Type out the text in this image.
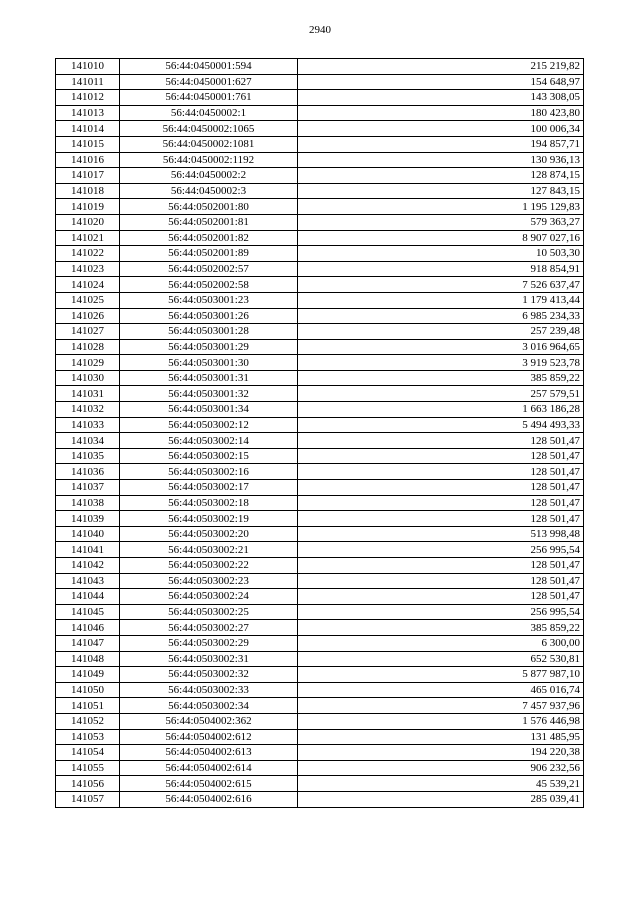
2940
141010	56:44:0450001:594	215 219,82
141011	56:44:0450001:627	154 648,97
141012	56:44:0450001:761	143 308,05
141013	56:44:0450002:1	180 423,80
141014	56:44:0450002:1065	100 006,34
141015	56:44:0450002:1081	194 857,71
141016	56:44:0450002:1192	130 936,13
141017	56:44:0450002:2	128 874,15
141018	56:44:0450002:3	127 843,15
141019	56:44:0502001:80	1 195 129,83
141020	56:44:0502001:81	579 363,27
141021	56:44:0502001:82	8 907 027,16
141022	56:44:0502001:89	10 503,30
141023	56:44:0502002:57	918 854,91
141024	56:44:0502002:58	7 526 637,47
141025	56:44:0503001:23	1 179 413,44
141026	56:44:0503001:26	6 985 234,33
141027	56:44:0503001:28	257 239,48
141028	56:44:0503001:29	3 016 964,65
141029	56:44:0503001:30	3 919 523,78
141030	56:44:0503001:31	385 859,22
141031	56:44:0503001:32	257 579,51
141032	56:44:0503001:34	1 663 186,28
141033	56:44:0503002:12	5 494 493,33
141034	56:44:0503002:14	128 501,47
141035	56:44:0503002:15	128 501,47
141036	56:44:0503002:16	128 501,47
141037	56:44:0503002:17	128 501,47
141038	56:44:0503002:18	128 501,47
141039	56:44:0503002:19	128 501,47
141040	56:44:0503002:20	513 998,48
141041	56:44:0503002:21	256 995,54
141042	56:44:0503002:22	128 501,47
141043	56:44:0503002:23	128 501,47
141044	56:44:0503002:24	128 501,47
141045	56:44:0503002:25	256 995,54
141046	56:44:0503002:27	385 859,22
141047	56:44:0503002:29	6 300,00
141048	56:44:0503002:31	652 530,81
141049	56:44:0503002:32	5 877 987,10
141050	56:44:0503002:33	465 016,74
141051	56:44:0503002:34	7 457 937,96
141052	56:44:0504002:362	1 576 446,98
141053	56:44:0504002:612	131 485,95
141054	56:44:0504002:613	194 220,38
141055	56:44:0504002:614	906 232,56
141056	56:44:0504002:615	45 539,21
141057	56:44:0504002:616	285 039,41
